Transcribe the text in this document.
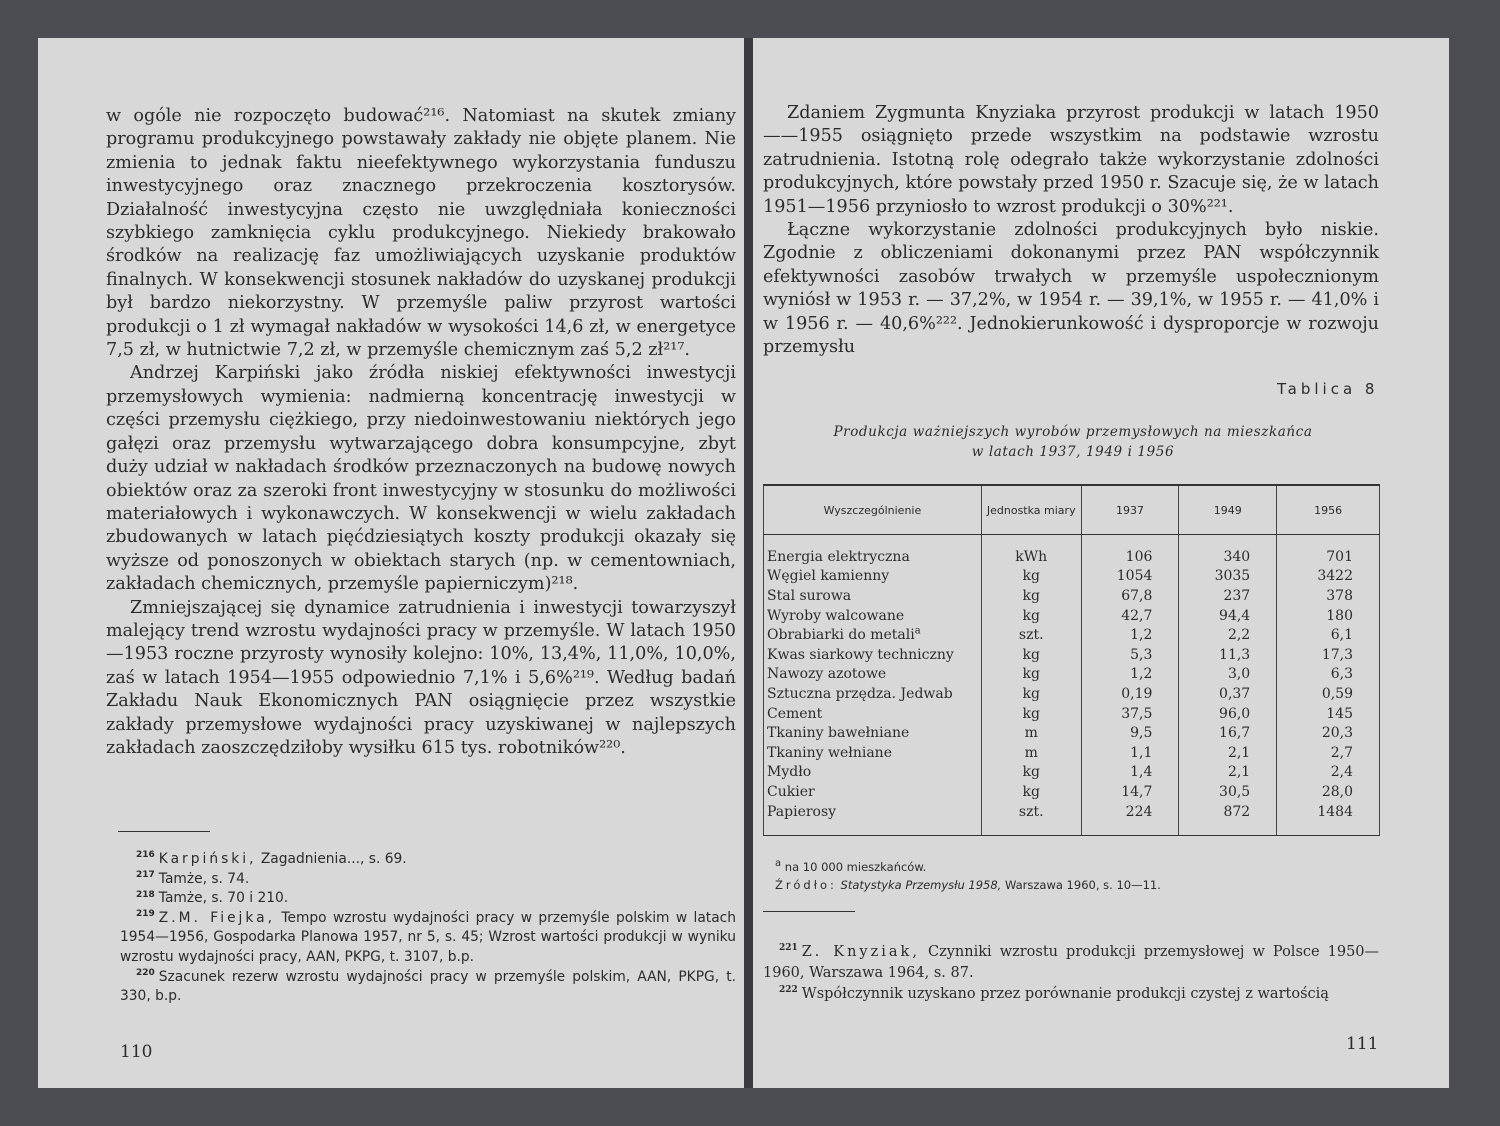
w ogóle nie rozpoczęto budować²¹⁶. Natomiast na skutek zmiany programu produkcyjnego powstawały zakłady nie objęte planem. Nie zmienia to jednak faktu nieefektywnego wykorzystania funduszu inwestycyjnego oraz znacznego przekroczenia kosztorysów. Działalność inwestycyjna często nie uwzględniała konieczności szybkiego zamknięcia cyklu produkcyjnego. Niekiedy brakowało środków na realizację faz umożliwiających uzyskanie produktów finalnych. W konsekwencji stosunek nakładów do uzyskanej produkcji był bardzo niekorzystny. W przemyśle paliw przyrost wartości produkcji o 1 zł wymagał nakładów w wysokości 14,6 zł, w energetyce 7,5 zł, w hutnictwie 7,2 zł, w przemyśle chemicznym zaś 5,2 zł²¹⁷.

Andrzej Karpiński jako źródła niskiej efektywności inwestycji przemysłowych wymienia: nadmierną koncentrację inwestycji w części przemysłu ciężkiego, przy niedoinwestowaniu niektórych jego gałęzi oraz przemysłu wytwarzającego dobra konsumpcyjne, zbyt duży udział w nakładach środków przeznaczonych na budowę nowych obiektów oraz za szeroki front inwestycyjny w stosunku do możliwości materiałowych i wykonawczych. W konsekwencji w wielu zakładach zbudowanych w latach pięćdziesiątych koszty produkcji okazały się wyższe od ponoszonych w obiektach starych (np. w cementowniach, zakładach chemicznych, przemyśle papierniczym)²¹⁸.

Zmniejszającej się dynamice zatrudnienia i inwestycji towarzyszył malejący trend wzrostu wydajności pracy w przemyśle. W latach 1950—1953 roczne przyrosty wynosiły kolejno: 10%, 13,4%, 11,0%, 10,0%, zaś w latach 1954—1955 odpowiednio 7,1% i 5,6%²¹⁹. Według badań Zakładu Nauk Ekonomicznych PAN osiągnięcie przez wszystkie zakłady przemysłowe wydajności pracy uzyskiwanej w najlepszych zakładach zaoszczędziłoby wysiłku 615 tys. robotników²²⁰.

$^{216}$ Karpiński, Zagadnienia..., s. 69.

$^{217}$ Tamże, s. 74.

$^{218}$ Tamże, s. 70 i 210.

$^{219}$ Z.M. Fiejka, Tempo wzrostu wydajności pracy w przemyśle polskim w latach 1954—1956, Gospodarka Planowa 1957, nr 5, s. 45; Wzrost wartości produkcji w wyniku wzrostu wydajności pracy, AAN, PKPG, t. 3107, b.p.

$^{220}$ Szacunek rezerw wzrostu wydajności pracy w przemyśle polskim, AAN, PKPG, t. 330, b.p.

110

Zdaniem Zygmunta Knyziaka przyrost produkcji w latach 1950——1955 osiągnięto przede wszystkim na podstawie wzrostu zatrudnienia. Istotną rolę odegrało także wykorzystanie zdolności produkcyjnych, które powstały przed 1950 r. Szacuje się, że w latach 1951—1956 przyniosło to wzrost produkcji o 30%²²¹.

Łączne wykorzystanie zdolności produkcyjnych było niskie. Zgodnie z obliczeniami dokonanymi przez PAN współczynnik efektywności zasobów trwałych w przemyśle uspołecznionym wyniósł w 1953 r. — 37,2%, w 1954 r. — 39,1%, w 1955 r. — 41,0% i w 1956 r. — 40,6%²²². Jednokierunkowość i dysproporcje w rozwoju przemysłu

Tablica 8
Produkcja ważniejszych wyrobów przemysłowych na mieszkańca
w latach 1937, 1949 i 1956
Wyszczególnienie	Jednostka miary	1937	1949	1956
Energia elektryczna	kWh	106	340	701
Węgiel kamienny	kg	1054	3035	3422
Stal surowa	kg	67,8	237	378
Wyroby walcowane	kg	42,7	94,4	180
Obrabiarki do metali$^a$	szt.	1,2	2,2	6,1
Kwas siarkowy techniczny	kg	5,3	11,3	17,3
Nawozy azotowe	kg	1,2	3,0	6,3
Sztuczna przędza. Jedwab	kg	0,19	0,37	0,59
Cement	kg	37,5	96,0	145
Tkaniny bawełniane	m	9,5	16,7	20,3
Tkaniny wełniane	m	1,1	2,1	2,7
Mydło	kg	1,4	2,1	2,4
Cukier	kg	14,7	30,5	28,0
Papierosy	szt.	224	872	1484

$^a$ na 10 000 mieszkańców.

Źródło: Statystyka Przemysłu 1958, Warszawa 1960, s. 10—11.

$^{221}$ Z. Knyziak, Czynniki wzrostu produkcji przemysłowej w Polsce 1950—1960, Warszawa 1964, s. 87.

$^{222}$ Współczynnik uzyskano przez porównanie produkcji czystej z wartością

111
